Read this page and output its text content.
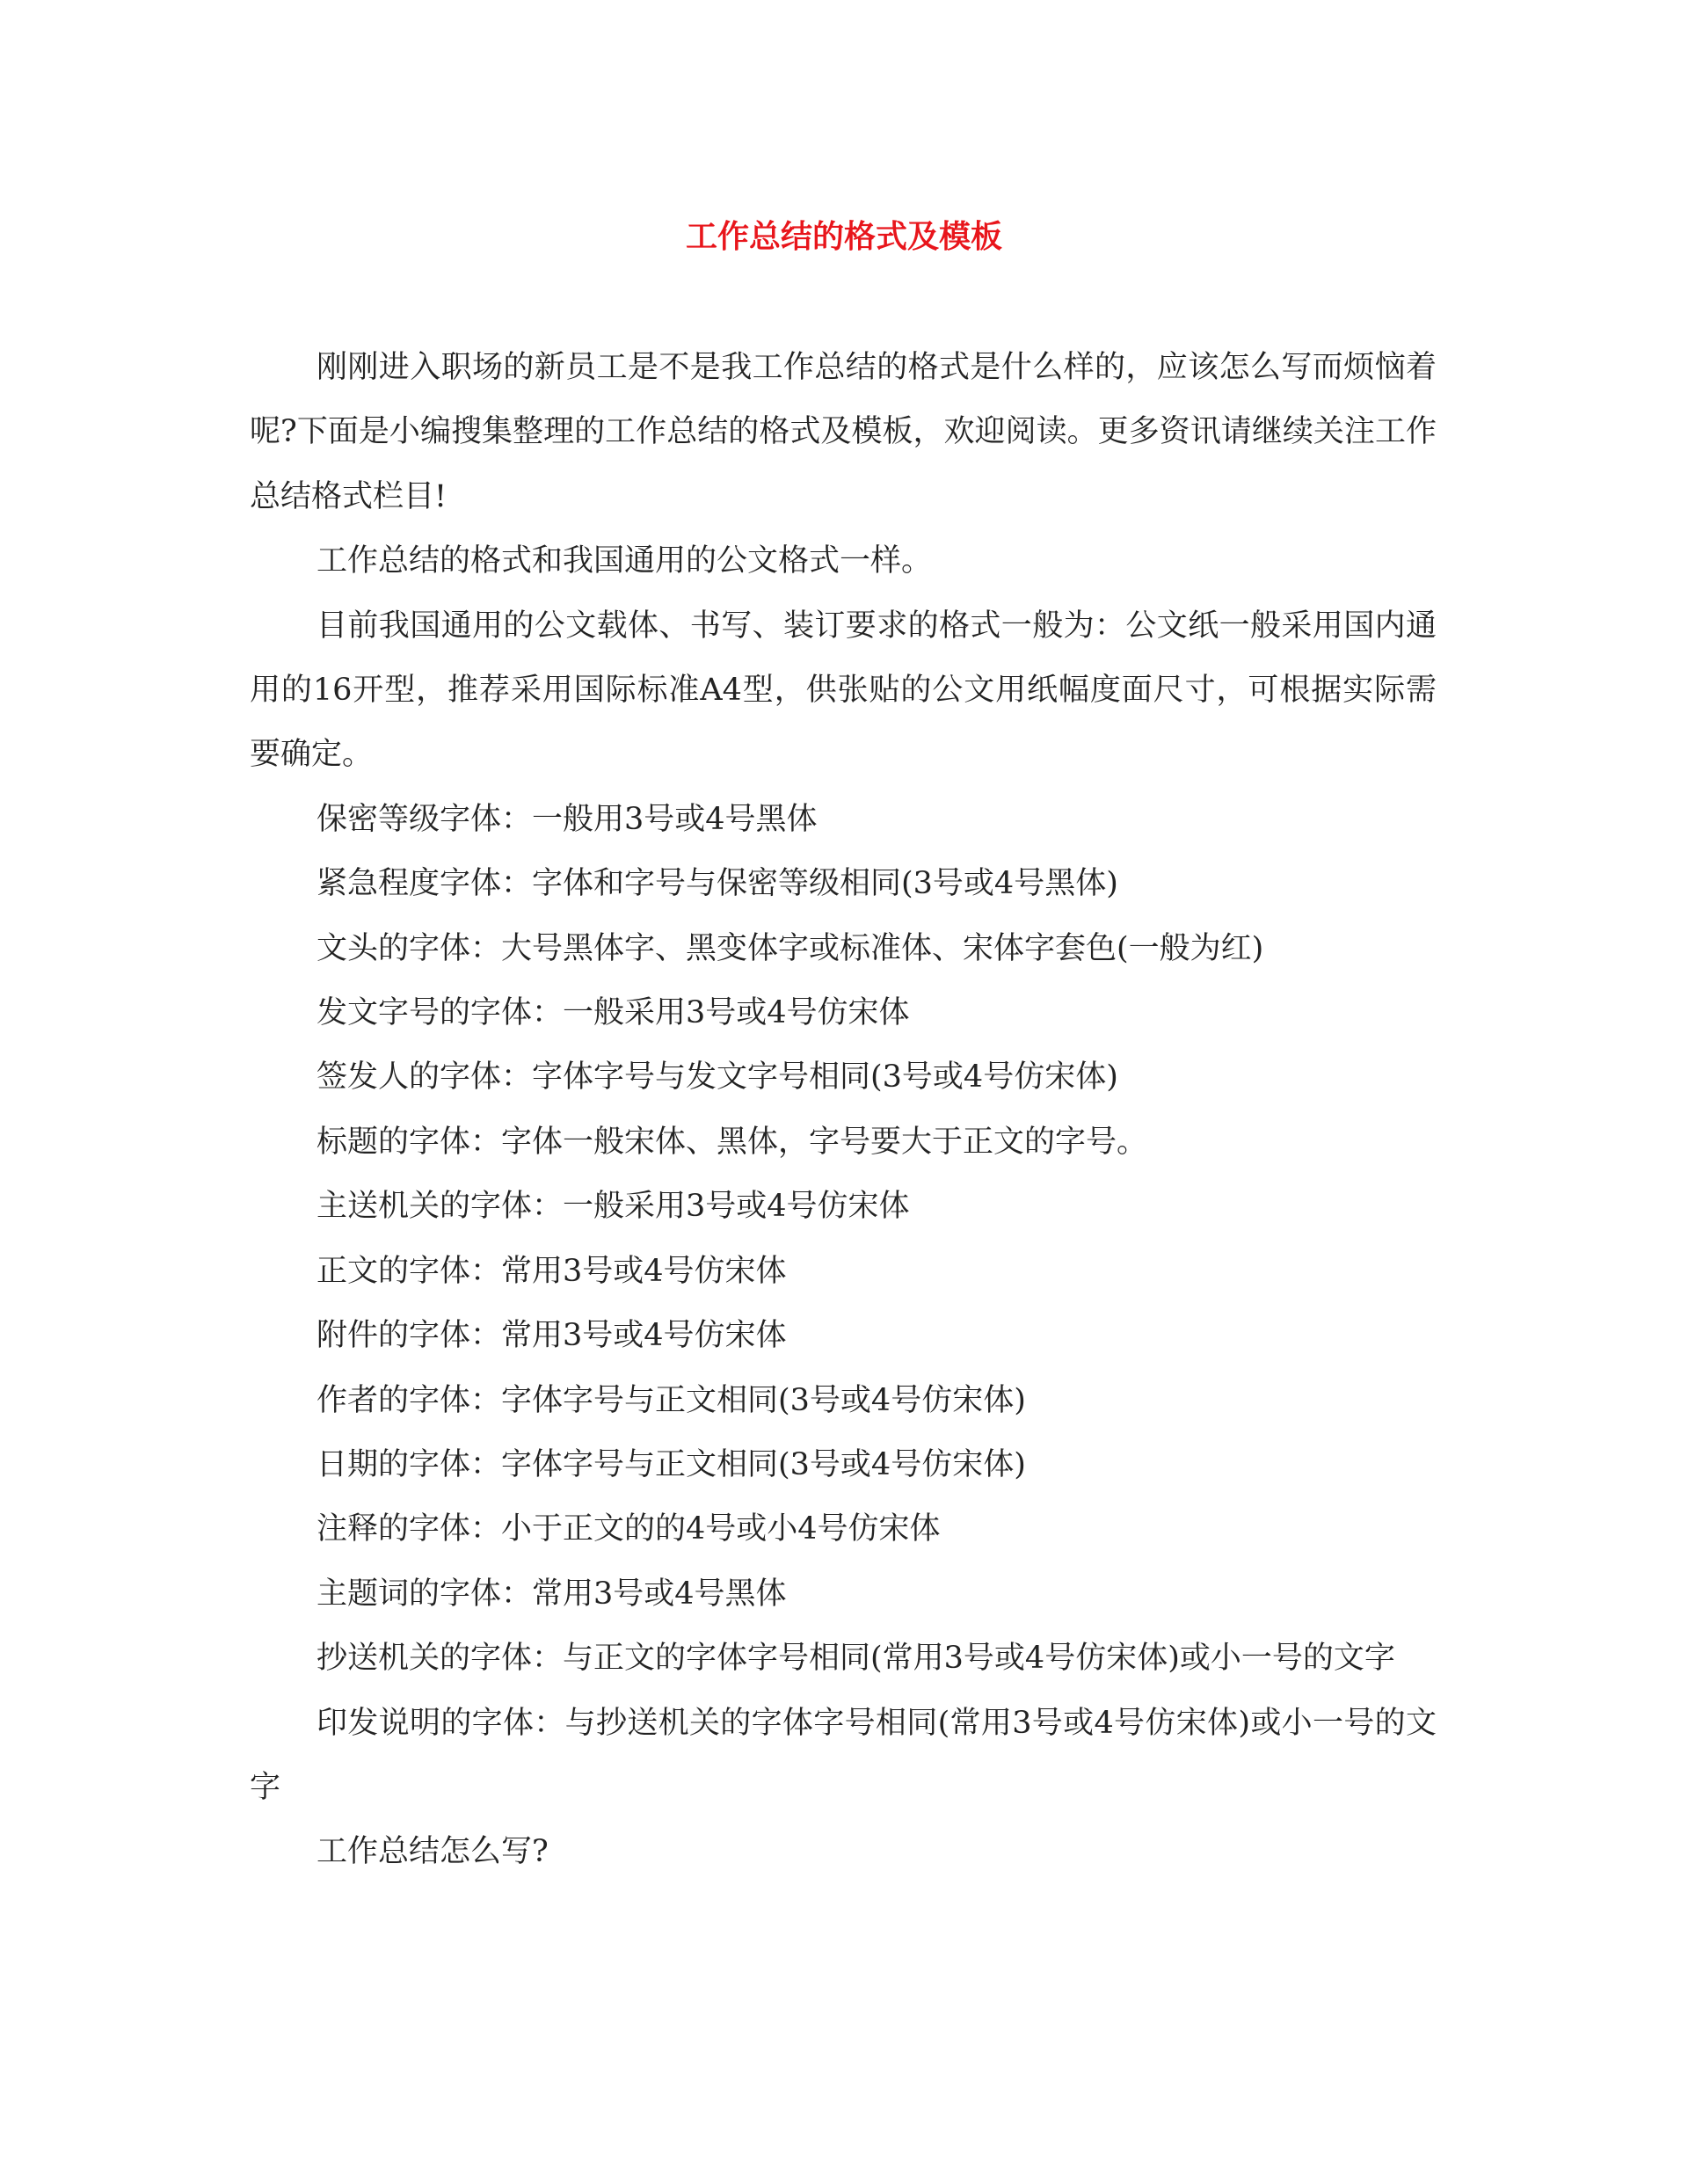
工作总结的格式及模板

刚刚进入职场的新员工是不是我工作总结的格式是什么样的，应该怎么写而烦恼着呢?下面是小编搜集整理的工作总结的格式及模板，欢迎阅读。更多资讯请继续关注工作总结格式栏目!

工作总结的格式和我国通用的公文格式一样。

目前我国通用的公文载体、书写、装订要求的格式一般为：公文纸一般采用国内通用的16开型，推荐采用国际标准A4型，供张贴的公文用纸幅度面尺寸，可根据实际需要确定。

保密等级字体：一般用3号或4号黑体

紧急程度字体：字体和字号与保密等级相同(3号或4号黑体)

文头的字体：大号黑体字、黑变体字或标准体、宋体字套色(一般为红)

发文字号的字体：一般采用3号或4号仿宋体

签发人的字体：字体字号与发文字号相同(3号或4号仿宋体)

标题的字体：字体一般宋体、黑体，字号要大于正文的字号。

主送机关的字体：一般采用3号或4号仿宋体

正文的字体：常用3号或4号仿宋体

附件的字体：常用3号或4号仿宋体

作者的字体：字体字号与正文相同(3号或4号仿宋体)

日期的字体：字体字号与正文相同(3号或4号仿宋体)

注释的字体：小于正文的的4号或小4号仿宋体

主题词的字体：常用3号或4号黑体

抄送机关的字体：与正文的字体字号相同(常用3号或4号仿宋体)或小一号的文字

印发说明的字体：与抄送机关的字体字号相同(常用3号或4号仿宋体)或小一号的文字

工作总结怎么写?
